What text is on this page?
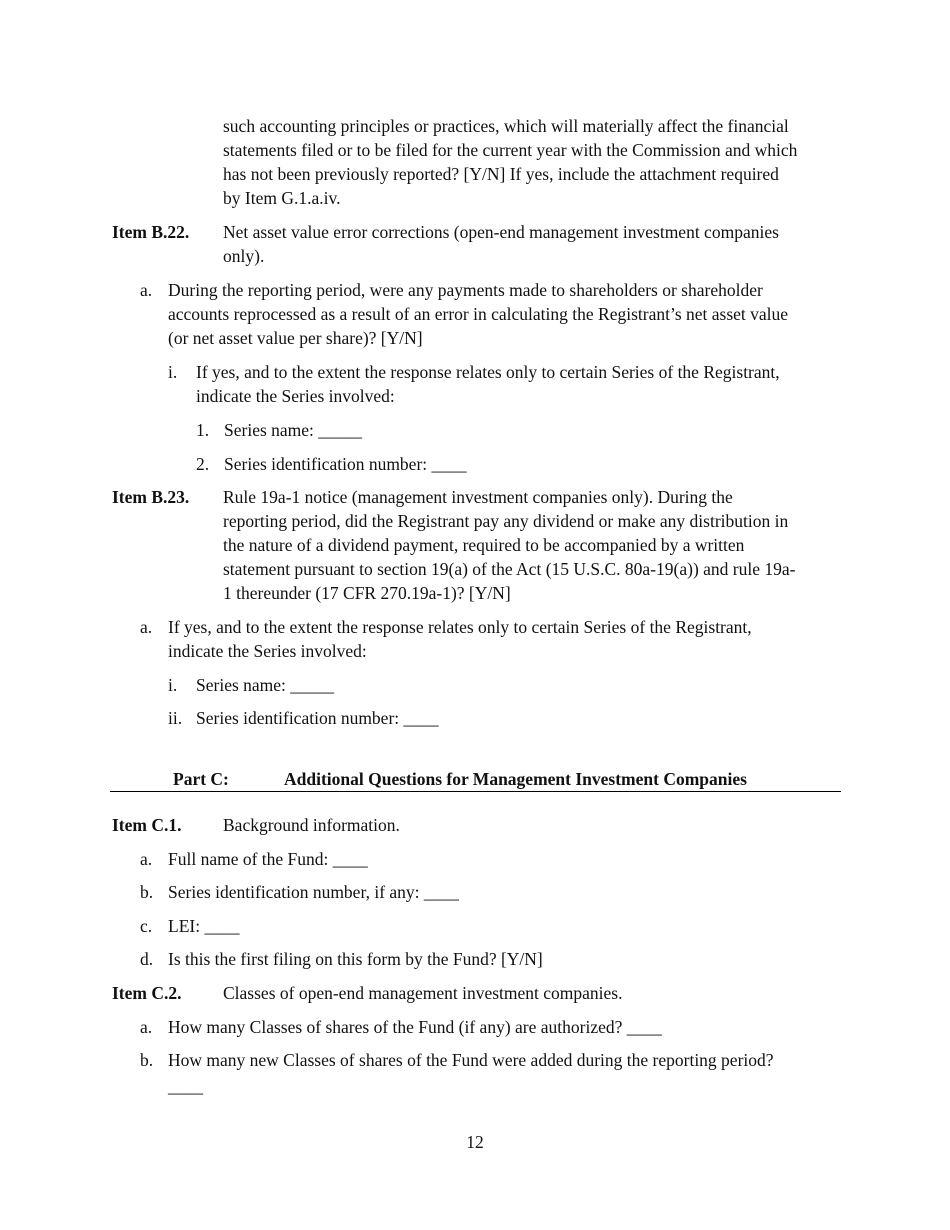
such accounting principles or practices, which will materially affect the financial
statements filed or to be filed for the current year with the Commission and which
has not been previously reported? [Y/N] If yes, include the attachment required
by Item G.1.a.iv.
Item B.22. Net asset value error corrections (open-end management investment companies
only).
a. During the reporting period, were any payments made to shareholders or shareholder
accounts reprocessed as a result of an error in calculating the Registrant’s net asset value
(or net asset value per share)? [Y/N]
i. If yes, and to the extent the response relates only to certain Series of the Registrant,
indicate the Series involved:
1. Series name: _____
2. Series identification number: ____
Item B.23. Rule 19a-1 notice (management investment companies only). During the
reporting period, did the Registrant pay any dividend or make any distribution in
the nature of a dividend payment, required to be accompanied by a written
statement pursuant to section 19(a) of the Act (15 U.S.C. 80a-19(a)) and rule 19a-
1 thereunder (17 CFR 270.19a-1)? [Y/N]
a. If yes, and to the extent the response relates only to certain Series of the Registrant,
indicate the Series involved:
i. Series name: _____
ii. Series identification number: ____
Part C:	Additional Questions for Management Investment Companies
Item C.1. Background information.
a. Full name of the Fund: ____
b. Series identification number, if any: ____
c. LEI: ____
d. Is this the first filing on this form by the Fund? [Y/N]
Item C.2. Classes of open-end management investment companies.
a. How many Classes of shares of the Fund (if any) are authorized? ____
b. How many new Classes of shares of the Fund were added during the reporting period?
____
12
